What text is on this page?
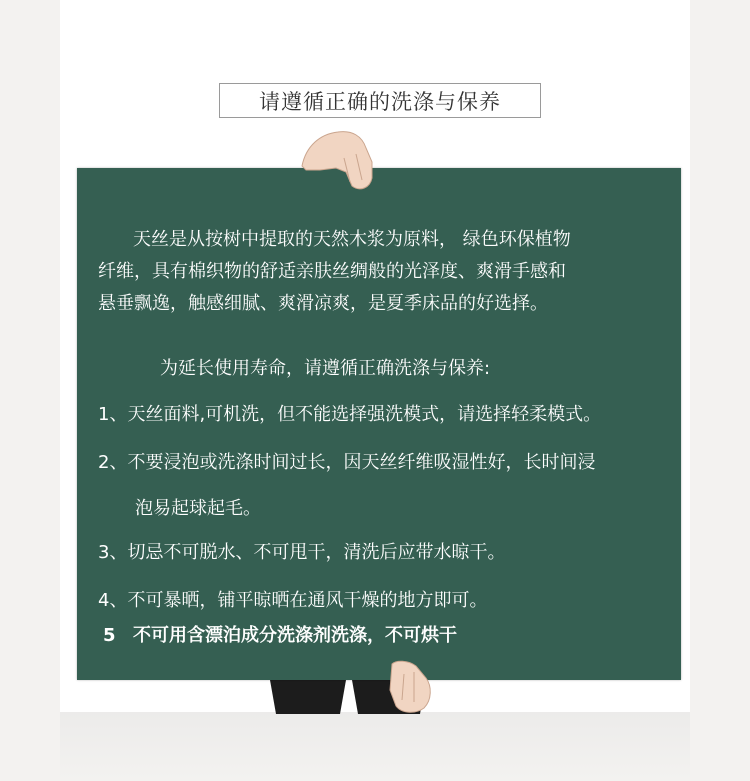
请遵循正确的洗涤与保养
天丝是从按树中提取的天然木浆为原料， 绿色环保植物
纤维，具有棉织物的舒适亲肤丝绸般的光泽度、爽滑手感和
悬垂飘逸，触感细腻、爽滑凉爽，是夏季床品的好选择。
为延长使用寿命，请遵循正确洗涤与保养:
1、天丝面料,可机洗，但不能选择强洗模式，请选择轻柔模式。
2、不要浸泡或洗涤时间过长，因天丝纤维吸湿性好，长时间浸
泡易起球起毛。
3、切忌不可脱水、不可甩干，清洗后应带水晾干。
4、不可暴晒，铺平晾晒在通风干燥的地方即可。
5 不可用含漂泊成分洗涤剂洗涤，不可烘干
